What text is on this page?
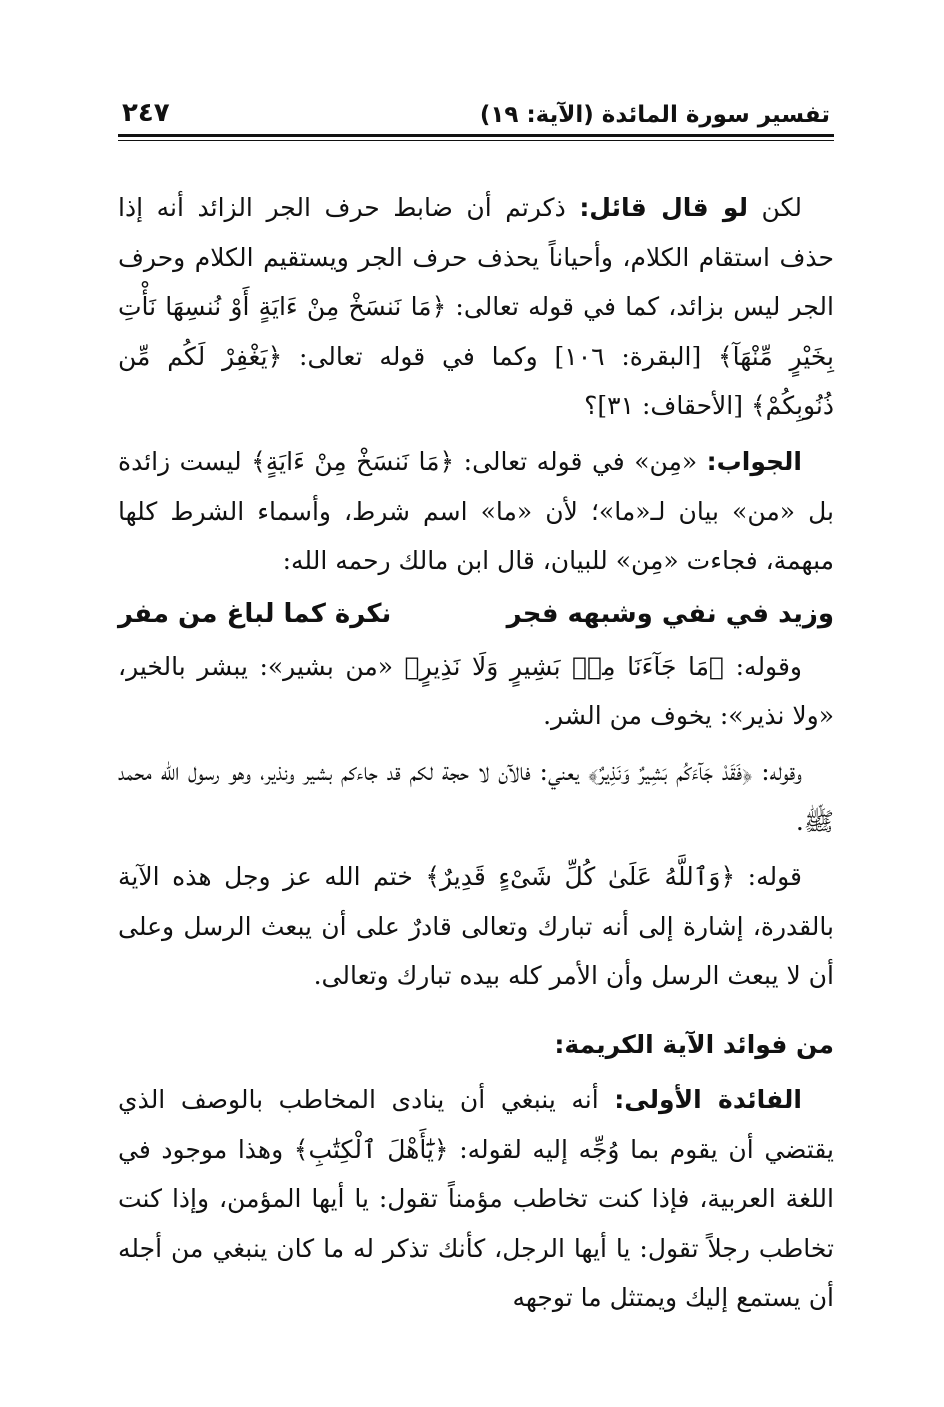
تفسير سورة المائدة (الآية: ١٩)
٢٤٧

لكن لو قال قائل: ذكرتم أن ضابط حرف الجر الزائد أنه إذا حذف استقام الكلام، وأحياناً يحذف حرف الجر ويستقيم الكلام وحرف الجر ليس بزائد، كما في قوله تعالى: ﴿مَا نَنسَخْ مِنْ ءَايَةٍ أَوْ نُنسِهَا نَأْتِ بِخَيْرٍ مِّنْهَآ﴾ [البقرة: ١٠٦] وكما في قوله تعالى: ﴿يَغْفِرْ لَكُم مِّن ذُنُوبِكُمْ﴾ [الأحقاف: ٣١]؟

الجواب: «مِن» في قوله تعالى: ﴿مَا نَنسَخْ مِنْ ءَايَةٍ﴾ ليست زائدة بل «من» بيان لـ«ما»؛ لأن «ما» اسم شرط، وأسماء الشرط كلها مبهمة، فجاءت «مِن» للبيان، قال ابن مالك رحمه الله:

وزيد في نفي وشبهه فجر
نكرة كما لباغ من مفر

وقوله: ﴿مَا جَآءَنَا مِنۢ بَشِيرٍ وَلَا نَذِيرٍ﴾ «من بشير»: يبشر بالخير، «ولا نذير»: يخوف من الشر.

وقوله: ﴿فَقَدْ جَآءَكُم بَشِيرٌ وَنَذِيرٌ﴾ يعني: فالآن لا حجة لكم قد جاءكم بشير ونذير، وهو رسول الله محمد ﷺ.

قوله: ﴿وَٱللَّهُ عَلَىٰ كُلِّ شَىْءٍ قَدِيرٌ﴾ ختم الله عز وجل هذه الآية بالقدرة، إشارة إلى أنه تبارك وتعالى قادرٌ على أن يبعث الرسل وعلى أن لا يبعث الرسل وأن الأمر كله بيده تبارك وتعالى.

من فوائد الآية الكريمة:

الفائدة الأولى: أنه ينبغي أن ينادى المخاطب بالوصف الذي يقتضي أن يقوم بما وُجِّه إليه لقوله: ﴿يَٰٓأَهْلَ ٱلْكِتَٰبِ﴾ وهذا موجود في اللغة العربية، فإذا كنت تخاطب مؤمناً تقول: يا أيها المؤمن، وإذا كنت تخاطب رجلاً تقول: يا أيها الرجل، كأنك تذكر له ما كان ينبغي من أجله أن يستمع إليك ويمتثل ما توجهه
